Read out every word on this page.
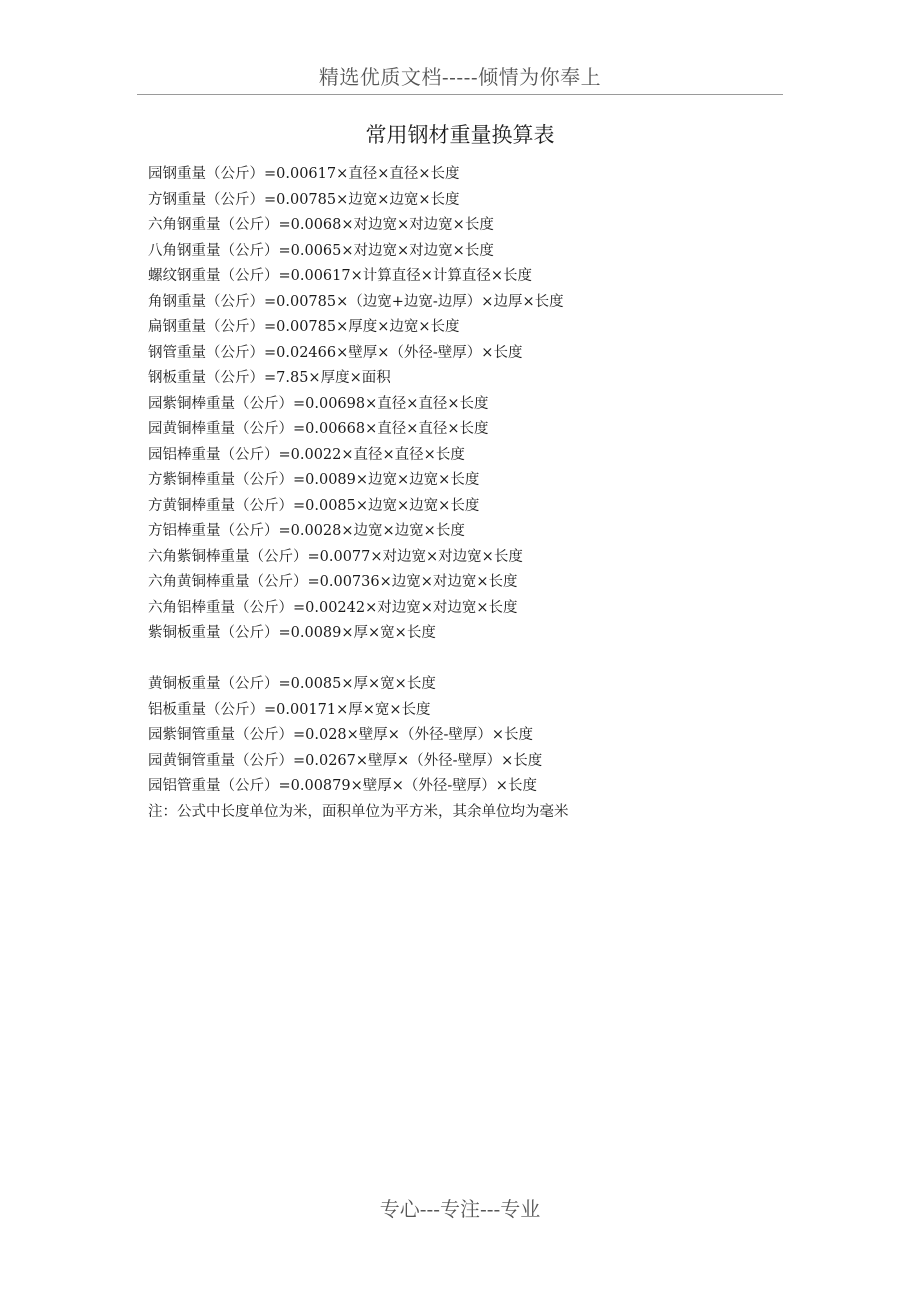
精选优质文档-----倾情为你奉上
常用钢材重量换算表
园钢重量（公斤）=0.00617×直径×直径×长度
方钢重量（公斤）=0.00785×边宽×边宽×长度
六角钢重量（公斤）=0.0068×对边宽×对边宽×长度
八角钢重量（公斤）=0.0065×对边宽×对边宽×长度
螺纹钢重量（公斤）=0.00617×计算直径×计算直径×长度
角钢重量（公斤）=0.00785×（边宽+边宽-边厚）×边厚×长度
扁钢重量（公斤）=0.00785×厚度×边宽×长度
钢管重量（公斤）=0.02466×壁厚×（外径-壁厚）×长度
钢板重量（公斤）=7.85×厚度×面积
园紫铜棒重量（公斤）=0.00698×直径×直径×长度
园黄铜棒重量（公斤）=0.00668×直径×直径×长度
园铝棒重量（公斤）=0.0022×直径×直径×长度
方紫铜棒重量（公斤）=0.0089×边宽×边宽×长度
方黄铜棒重量（公斤）=0.0085×边宽×边宽×长度
方铝棒重量（公斤）=0.0028×边宽×边宽×长度
六角紫铜棒重量（公斤）=0.0077×对边宽×对边宽×长度
六角黄铜棒重量（公斤）=0.00736×边宽×对边宽×长度
六角铝棒重量（公斤）=0.00242×对边宽×对边宽×长度
紫铜板重量（公斤）=0.0089×厚×宽×长度
黄铜板重量（公斤）=0.0085×厚×宽×长度
铝板重量（公斤）=0.00171×厚×宽×长度
园紫铜管重量（公斤）=0.028×壁厚×（外径-壁厚）×长度
园黄铜管重量（公斤）=0.0267×壁厚×（外径-壁厚）×长度
园铝管重量（公斤）=0.00879×壁厚×（外径-壁厚）×长度
注：公式中长度单位为米，面积单位为平方米，其余单位均为毫米
专心---专注---专业
